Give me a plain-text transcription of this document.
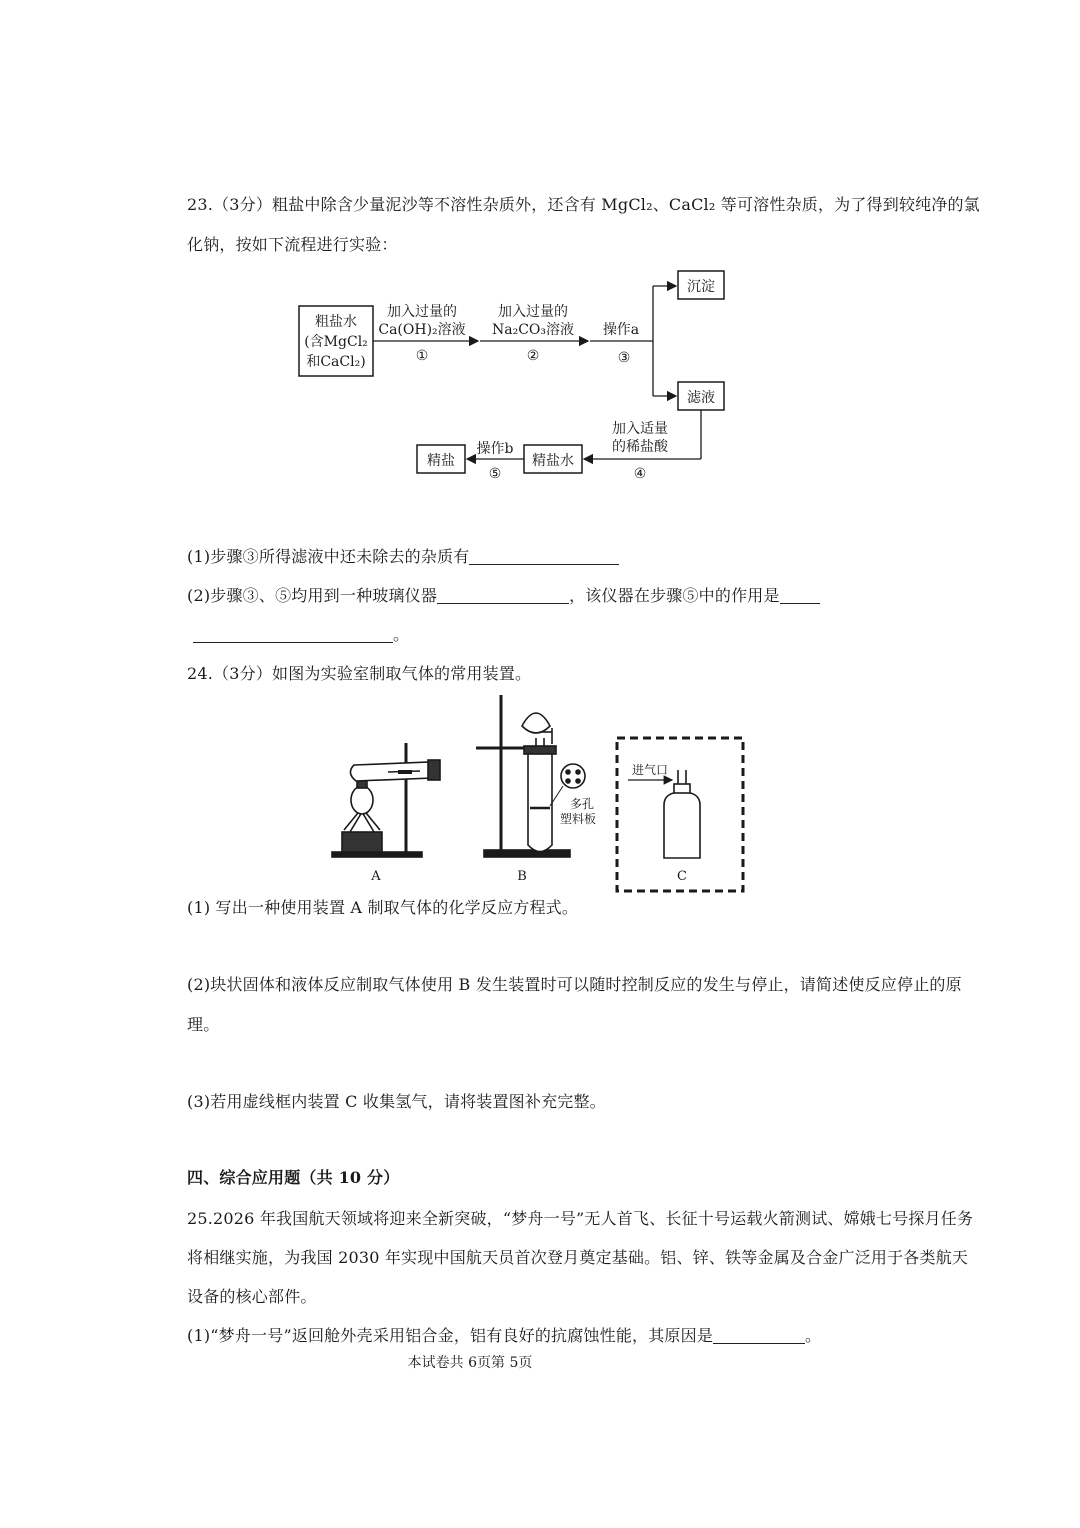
23.（3分）粗盐中除含少量泥沙等不溶性杂质外，还含有 MgCl₂、CaCl₂ 等可溶性杂质，为了得到较纯净的氯
化钠，按如下流程进行实验：
粗盐水
(含MgCl₂
和CaCl₂)
加入过量的
Ca(OH)₂溶液
①
加入过量的
Na₂CO₃溶液
②
操作a
③
沉淀
滤液
加入适量
的稀盐酸
④
精盐水
操作b
⑤
精盐
(1)步骤③所得滤液中还未除去的杂质有
(2)步骤③、⑤均用到一种玻璃仪器	，该仪器在步骤⑤中的作用是
。
24.（3分）如图为实验室制取气体的常用装置。
A
多孔
塑料板
B
进气口
C
(1) 写出一种使用装置 A 制取气体的化学反应方程式。
(2)块状固体和液体反应制取气体使用 B 发生装置时可以随时控制反应的发生与停止，请简述使反应停止的原
理。
(3)若用虚线框内装置 C 收集氢气，请将装置图补充完整。
四、综合应用题（共 10 分）
25.2026 年我国航天领域将迎来全新突破，“梦舟一号”无人首飞、长征十号运载火箭测试、嫦娥七号探月任务
将相继实施，为我国 2030 年实现中国航天员首次登月奠定基础。铝、锌、铁等金属及合金广泛用于各类航天
设备的核心部件。
(1)“梦舟一号”返回舱外壳采用铝合金，铝有良好的抗腐蚀性能，其原因是	。
本试卷共 6页第 5页
